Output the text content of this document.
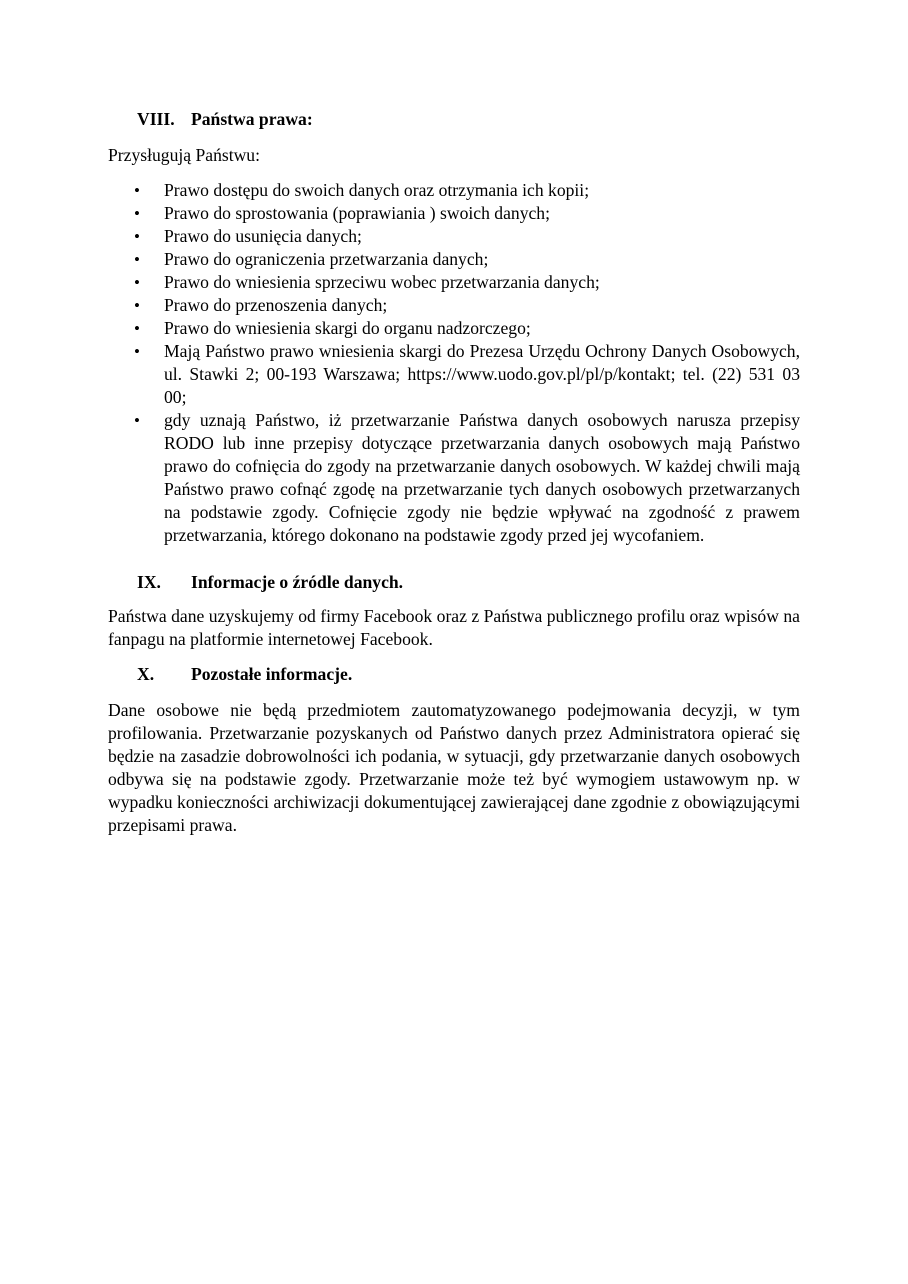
VIII. Państwa prawa:

Przysługują Państwu:

• Prawo dostępu do swoich danych oraz otrzymania ich kopii;
• Prawo do sprostowania (poprawiania ) swoich danych;
• Prawo do usunięcia danych;
• Prawo do ograniczenia przetwarzania danych;
• Prawo do wniesienia sprzeciwu wobec przetwarzania danych;
• Prawo do przenoszenia danych;
• Prawo do wniesienia skargi do organu nadzorczego;
• Mają Państwo prawo wniesienia skargi do Prezesa Urzędu Ochrony Danych Osobowych, ul. Stawki 2; 00-193 Warszawa; https://www.uodo.gov.pl/pl/p/kontakt; tel. (22) 531 03 00;
• gdy uznają Państwo, iż przetwarzanie Państwa danych osobowych narusza przepisy RODO lub inne przepisy dotyczące przetwarzania danych osobowych mają Państwo prawo do cofnięcia do zgody na przetwarzanie danych osobowych. W każdej chwili mają Państwo prawo cofnąć zgodę na przetwarzanie tych danych osobowych przetwarzanych na podstawie zgody. Cofnięcie zgody nie będzie wpływać na zgodność z prawem przetwarzania, którego dokonano na podstawie zgody przed jej wycofaniem.
IX.	Informacje o źródle danych.

Państwa dane uzyskujemy od firmy Facebook oraz z Państwa publicznego profilu oraz wpisów na fanpagu na platformie internetowej Facebook.

X.	Pozostałe informacje.

Dane osobowe nie będą przedmiotem zautomatyzowanego podejmowania decyzji, w tym profilowania. Przetwarzanie pozyskanych od Państwo danych przez Administratora opierać się będzie na zasadzie dobrowolności ich podania, w sytuacji, gdy przetwarzanie danych osobowych odbywa się na podstawie zgody. Przetwarzanie może też być wymogiem ustawowym np. w wypadku konieczności archiwizacji dokumentującej zawierającej dane zgodnie z obowiązującymi przepisami prawa.
